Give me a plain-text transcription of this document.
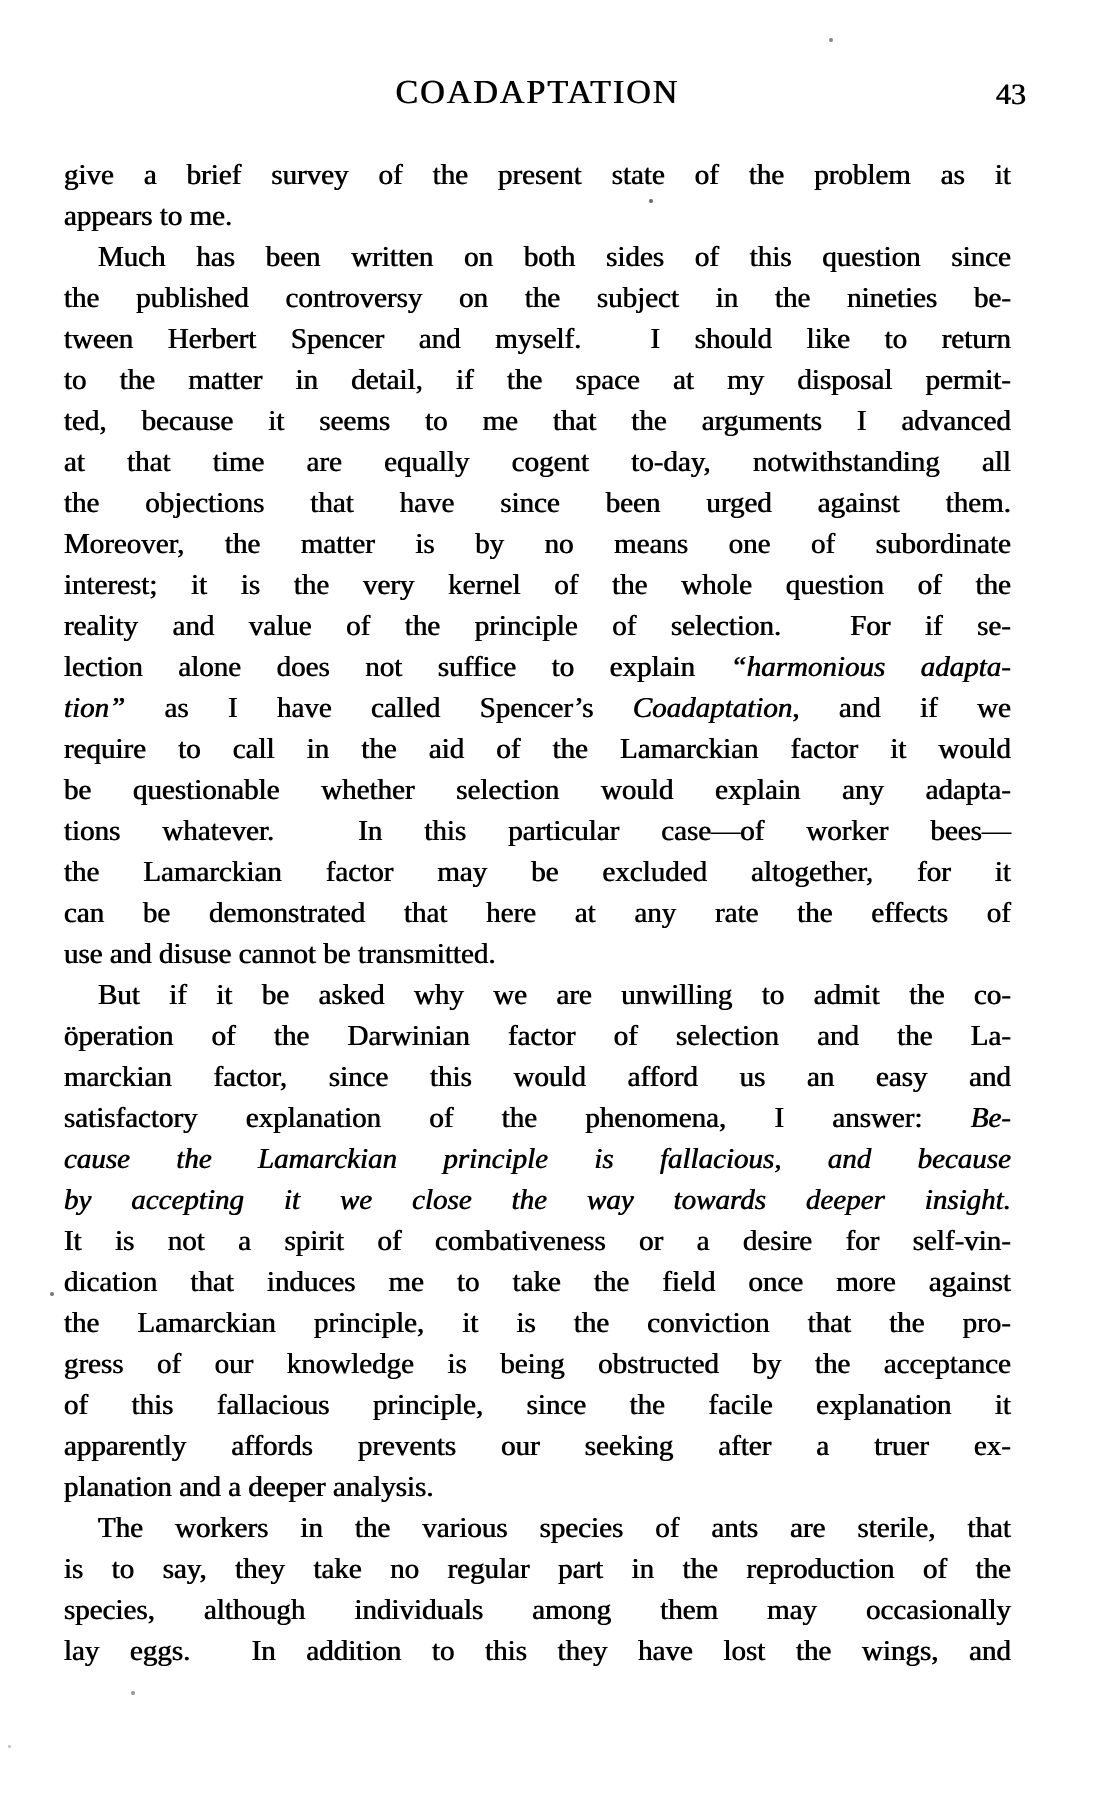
COADAPTATION	43
give a brief survey of the present state of the problem as it
appears to me.
Much has been written on both sides of this question since
the published controversy on the subject in the nineties be-
tween Herbert Spencer and myself.  I should like to return
to the matter in detail, if the space at my disposal permit-
ted, because it seems to me that the arguments I advanced
at that time are equally cogent to-day, notwithstanding all
the objections that have since been urged against them.
Moreover, the matter is by no means one of subordinate
interest; it is the very kernel of the whole question of the
reality and value of the principle of selection.  For if se-
lection alone does not suffice to explain “harmonious adapta-
tion” as I have called Spencer’s Coadaptation, and if we
require to call in the aid of the Lamarckian factor it would
be questionable whether selection would explain any adapta-
tions whatever.  In this particular case—of worker bees—
the Lamarckian factor may be excluded altogether, for it
can be demonstrated that here at any rate the effects of
use and disuse cannot be transmitted.
But if it be asked why we are unwilling to admit the co-
öperation of the Darwinian factor of selection and the La-
marckian factor, since this would afford us an easy and
satisfactory explanation of the phenomena, I answer: Be-
cause the Lamarckian principle is fallacious, and because
by accepting it we close the way towards deeper insight.
It is not a spirit of combativeness or a desire for self-vin-
dication that induces me to take the field once more against
the Lamarckian principle, it is the conviction that the pro-
gress of our knowledge is being obstructed by the acceptance
of this fallacious principle, since the facile explanation it
apparently affords prevents our seeking after a truer ex-
planation and a deeper analysis.
The workers in the various species of ants are sterile, that
is to say, they take no regular part in the reproduction of the
species, although individuals among them may occasionally
lay eggs.  In addition to this they have lost the wings, and
